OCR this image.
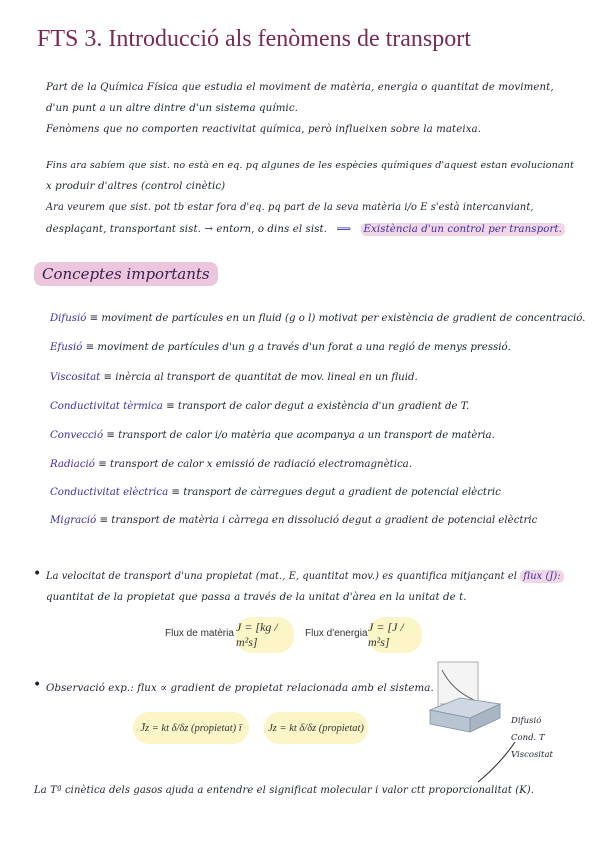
FTS 3. Introducció als fenòmens de transport
Part de la Química Física que estudia el moviment de matèria, energia o quantitat de moviment,
d'un punt a un altre dintre d'un sistema químic.
Fenòmens que no comporten reactivitat química, però influeixen sobre la mateixa.
Fins ara sabíem que sist. no està en eq. pq algunes de les espècies químiques d'aquest estan evolucionant
x produir d'altres (control cinètic)
Ara veurem que sist. pot tb estar fora d'eq. pq part de la seva matèria i/o E s'està intercanviant,
desplaçant, transportant sist. → entorn, o dins el sist. ⟹ Existència d'un control per transport.
Conceptes importants
Difusió ≡ moviment de partícules en un fluid (g o l) motivat per existència de gradient de concentració.
Efusió ≡ moviment de partícules d'un g a través d'un forat a una regió de menys pressió.
Viscositat ≡ inèrcia al transport de quantitat de mov. lineal en un fluid.
Conductivitat tèrmica ≡ transport de calor degut a existència d'un gradient de T.
Convecció ≡ transport de calor i/o matèria que acompanya a un transport de matèria.
Radiació ≡ transport de calor x emissió de radiació electromagnètica.
Conductivitat elèctrica ≡ transport de càrregues degut a gradient de potencial elèctric
Migració ≡ transport de matèria i càrrega en dissolució degut a gradient de potencial elèctric
• La velocitat de transport d'una propietat (mat., E, quantitat mov.) es quantifica mitjançant el flux (J):
quantitat de la propietat que passa a través de la unitat d'àrea en la unitat de t.
Flux de matèria J = [kg / m²s]
Flux d'energia J = [J / m²s]
• Observació exp.: flux ∝ gradient de propietat relacionada amb el sistema.
J̄z = kt δ/δz (propietat) ī	Jz = kt δ/δz (propietat)
Difusió
Cond. T
Viscositat
La Tª cinètica dels gasos ajuda a entendre el significat molecular i valor ctt proporcionalitat (K).
